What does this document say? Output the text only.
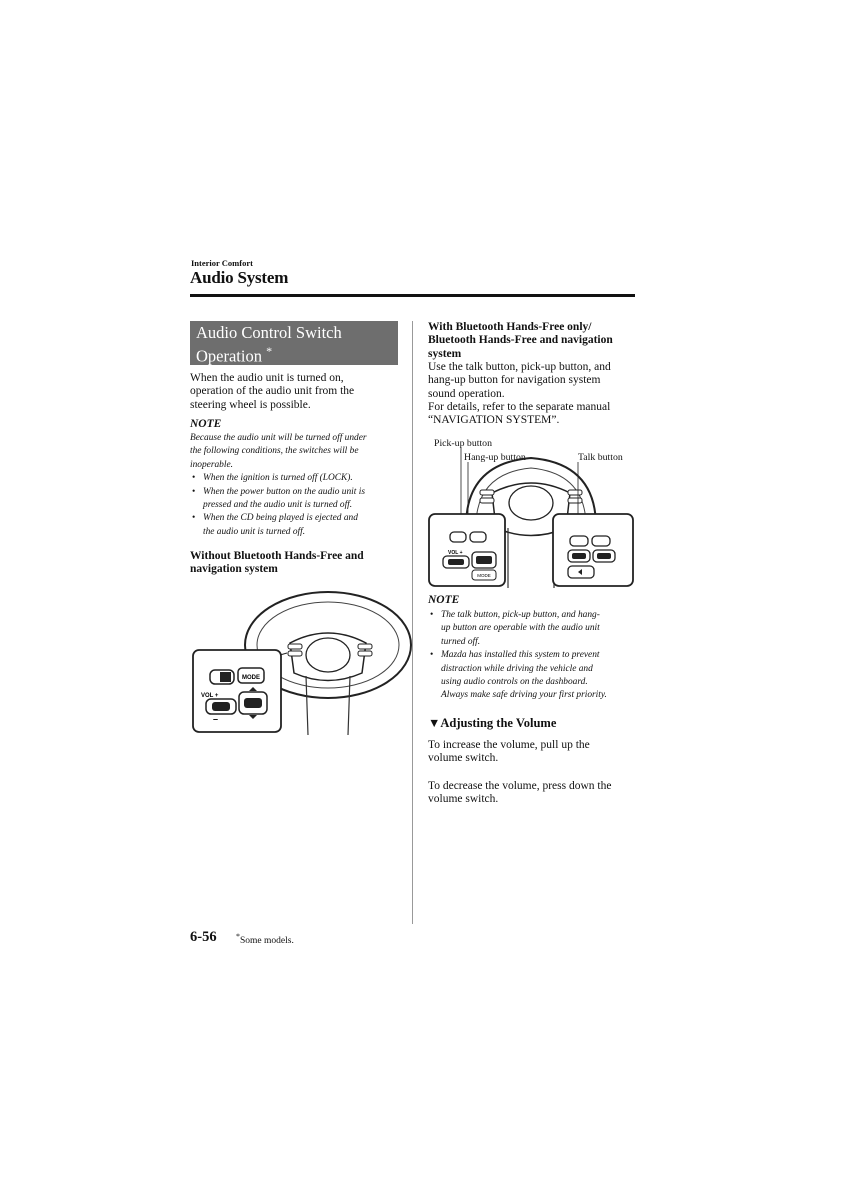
Interior Comfort
Audio System
Audio Control Switch
Operation *
When the audio unit is turned on,
operation of the audio unit from the
steering wheel is possible.
NOTE
Because the audio unit will be turned off under
the following conditions, the switches will be
inoperable.
• When the ignition is turned off (LOCK).
• When the power button on the audio unit is
pressed and the audio unit is turned off.
• When the CD being played is ejected and
the audio unit is turned off.
Without Bluetooth Hands-Free and
navigation system
MODE
VOL +
–
With Bluetooth Hands-Free only/
Bluetooth Hands-Free and navigation
system
Use the talk button, pick-up button, and
hang-up button for navigation system
sound operation.
For details, refer to the separate manual
“NAVIGATION SYSTEM”.
Pick-up button
Hang-up button	Talk button
VOL +
MODE
NOTE
• The talk button, pick-up button, and hang-
up button are operable with the audio unit
turned off.
• Mazda has installed this system to prevent
distraction while driving the vehicle and
using audio controls on the dashboard.
Always make safe driving your first priority.
▼Adjusting the Volume
To increase the volume, pull up the
volume switch.
To decrease the volume, press down the
volume switch.
6-56 *Some models.
